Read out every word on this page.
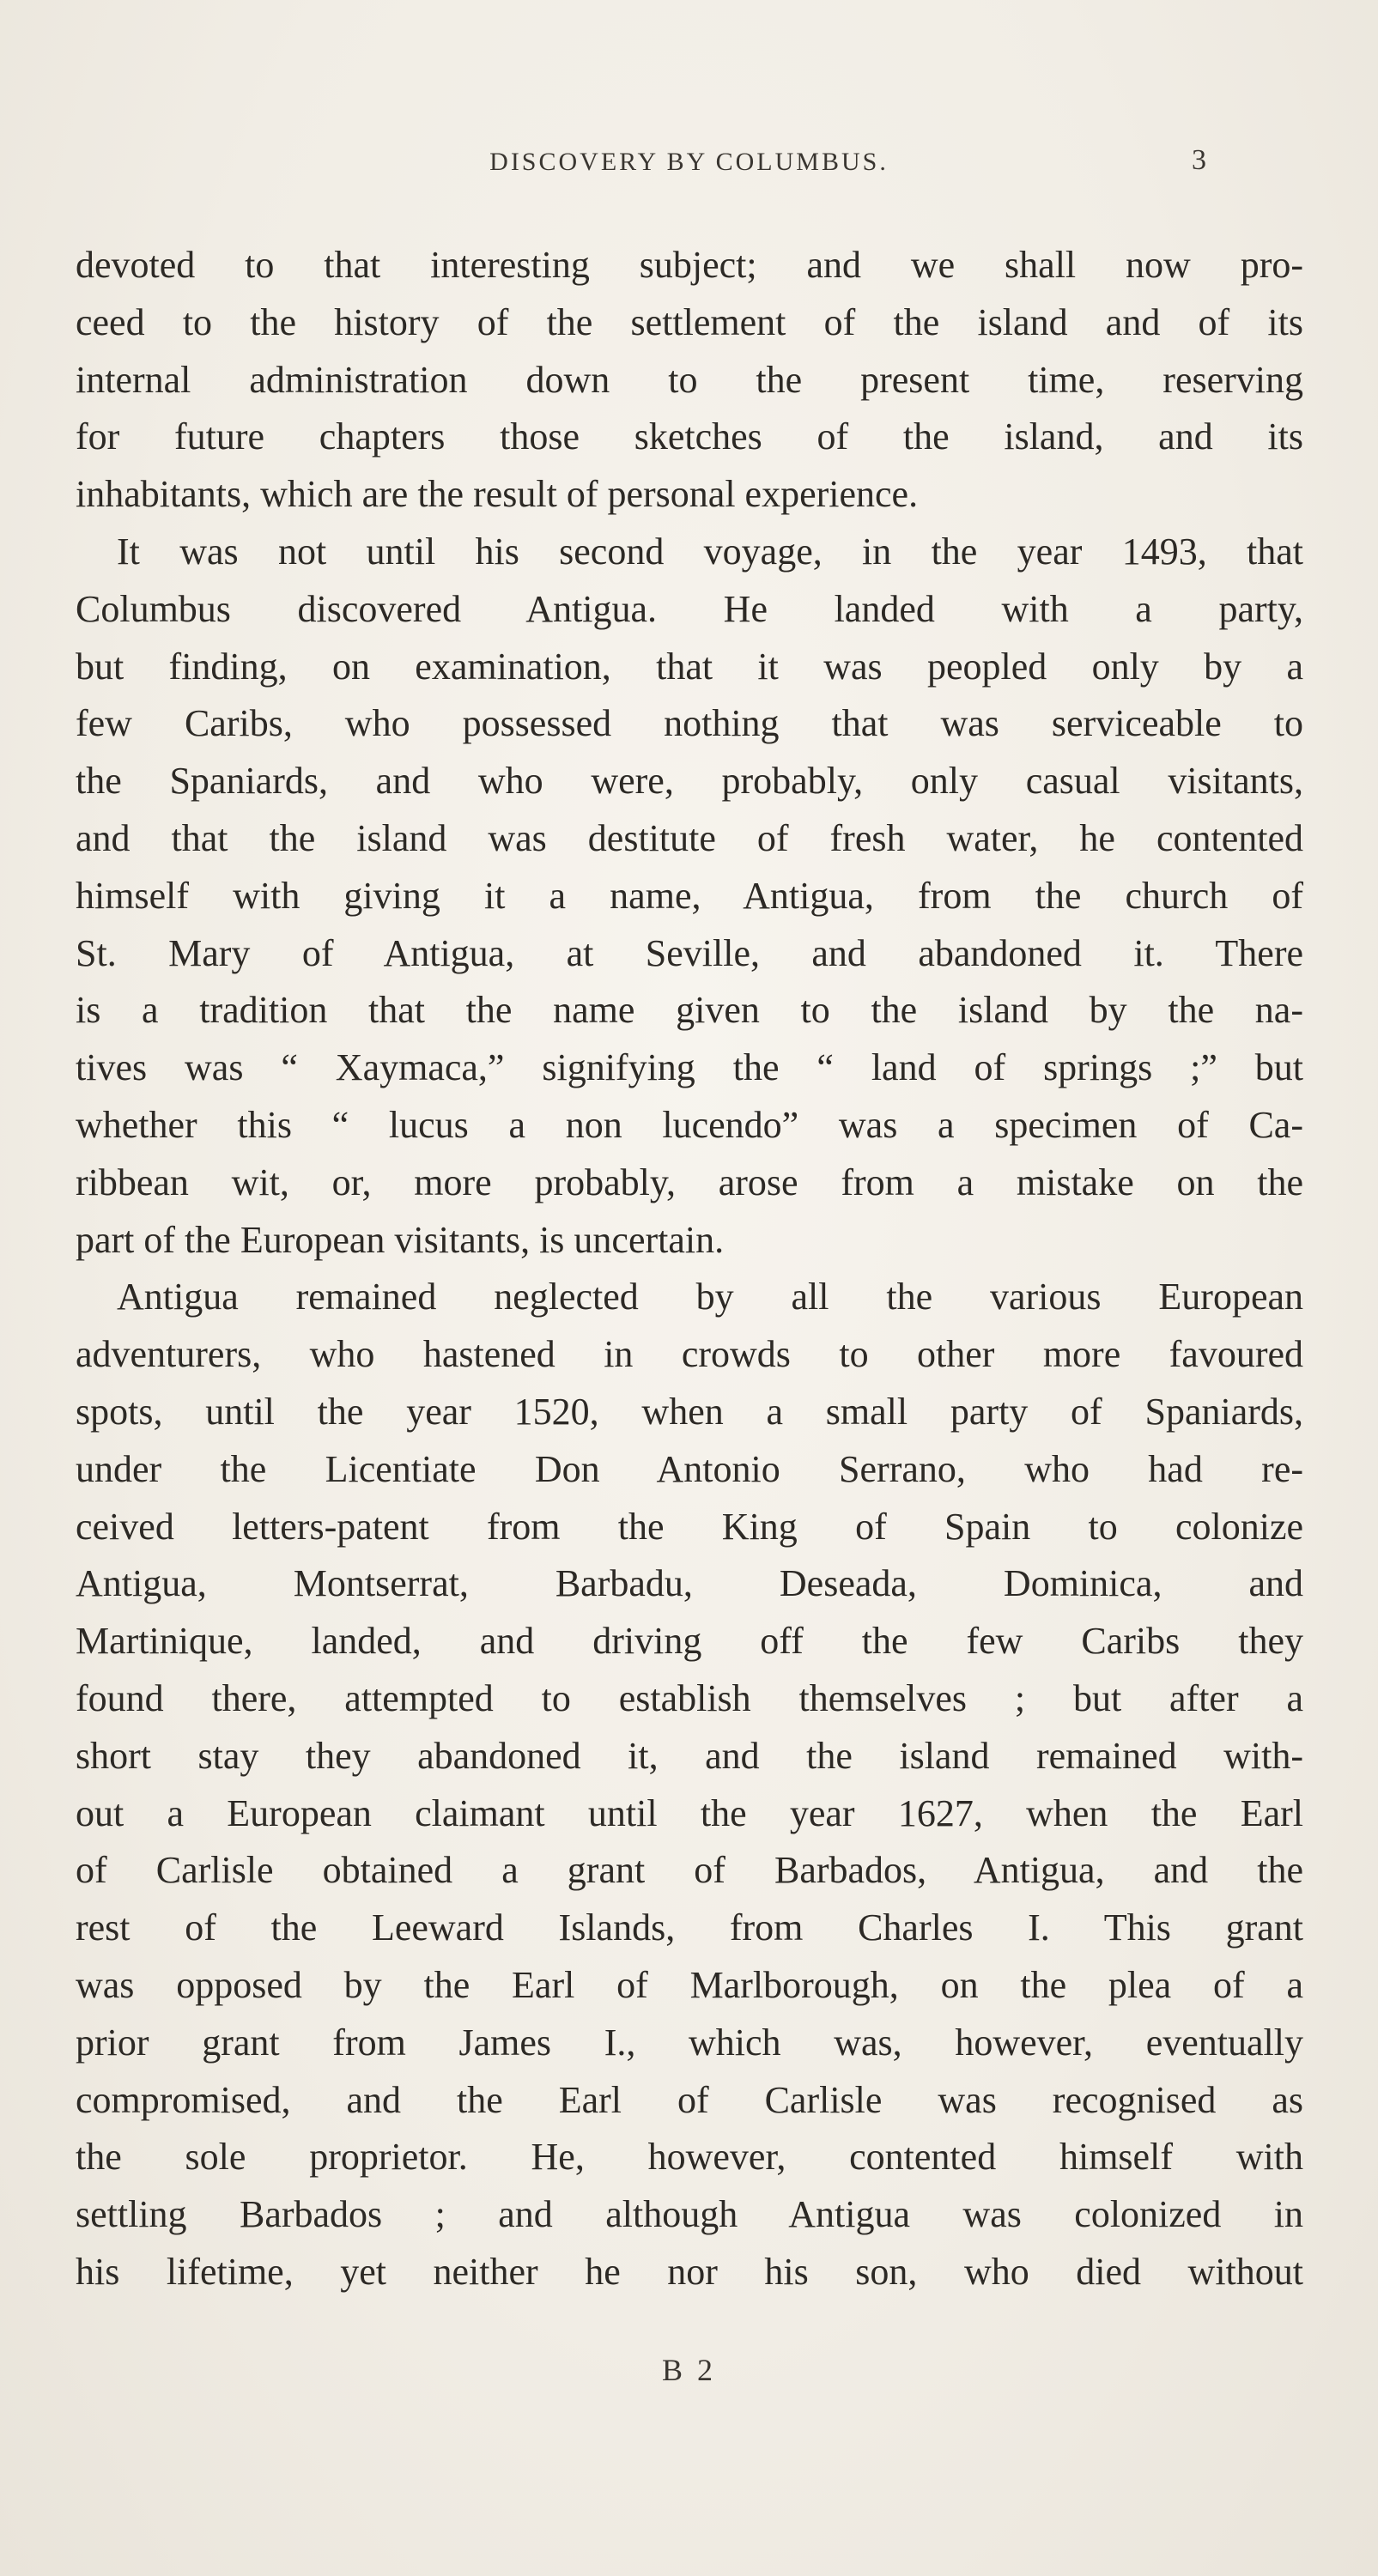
DISCOVERY BY COLUMBUS.	3
devoted to that interesting subject; and we shall now pro-
ceed to the history of the settlement of the island and of its
internal administration down to the present time, reserving
for future chapters those sketches of the island, and its
inhabitants, which are the result of personal experience.
It was not until his second voyage, in the year 1493, that
Columbus discovered Antigua. He landed with a party,
but finding, on examination, that it was peopled only by a
few Caribs, who possessed nothing that was serviceable to
the Spaniards, and who were, probably, only casual visitants,
and that the island was destitute of fresh water, he contented
himself with giving it a name, Antigua, from the church of
St. Mary of Antigua, at Seville, and abandoned it. There
is a tradition that the name given to the island by the na-
tives was “ Xaymaca,” signifying the “ land of springs ;” but
whether this “ lucus a non lucendo” was a specimen of Ca-
ribbean wit, or, more probably, arose from a mistake on the
part of the European visitants, is uncertain.
Antigua remained neglected by all the various European
adventurers, who hastened in crowds to other more favoured
spots, until the year 1520, when a small party of Spaniards,
under the Licentiate Don Antonio Serrano, who had re-
ceived letters-patent from the King of Spain to colonize
Antigua, Montserrat, Barbadu, Deseada, Dominica, and
Martinique, landed, and driving off the few Caribs they
found there, attempted to establish themselves ; but after a
short stay they abandoned it, and the island remained with-
out a European claimant until the year 1627, when the Earl
of Carlisle obtained a grant of Barbados, Antigua, and the
rest of the Leeward Islands, from Charles I. This grant
was opposed by the Earl of Marlborough, on the plea of a
prior grant from James I., which was, however, eventually
compromised, and the Earl of Carlisle was recognised as
the sole proprietor. He, however, contented himself with
settling Barbados ; and although Antigua was colonized in
his lifetime, yet neither he nor his son, who died without
B 2
